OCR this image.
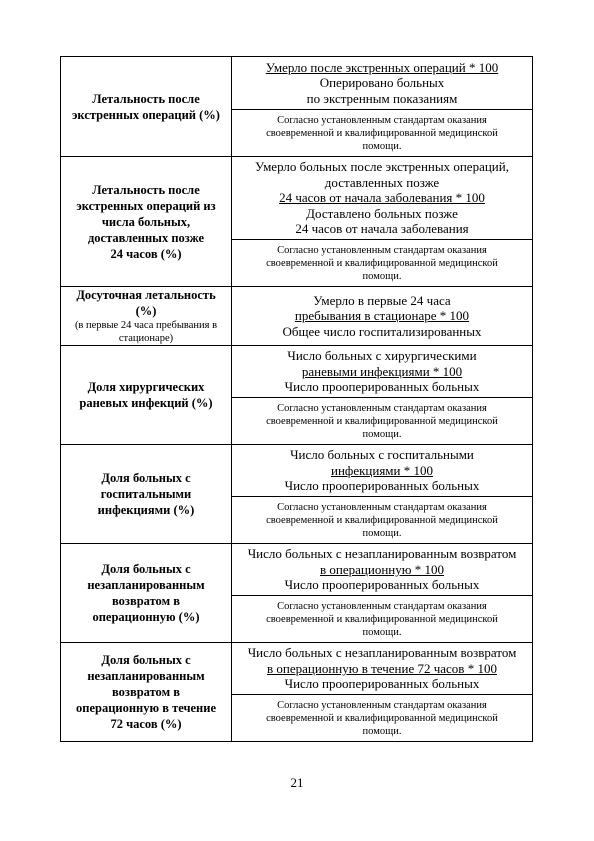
Летальность после
экстренных операций (%)	Умерло после экстренных операций * 100
Оперировано больных
по экстренным показаниям

	Согласно установленным стандартам оказания
своевременной и квалифицированной медицинской
помощи.

Летальность после
экстренных операций из
числа больных,
доставленных позже
24 часов (%)	Умерло больных после экстренных операций,
доставленных позже
24 часов от начала заболевания * 100
Доставлено больных позже
24 часов от начала заболевания

	Согласно установленным стандартам оказания
своевременной и квалифицированной медицинской
помощи.

Досуточная летальность
(%)
(в первые 24 часа пребывания в
стационаре)	Умерло в первые 24 часа
пребывания в стационаре * 100
Общее число госпитализированных

Доля хирургических
раневых инфекций (%)	Число больных с хирургическими
раневыми инфекциями * 100
Число прооперированных больных

	Согласно установленным стандартам оказания
своевременной и квалифицированной медицинской
помощи.

Доля больных с
госпитальными
инфекциями (%)	Число больных с госпитальными
инфекциями * 100
Число прооперированных больных

	Согласно установленным стандартам оказания
своевременной и квалифицированной медицинской
помощи.

Доля больных с
незапланированным
возвратом в
операционную (%)	Число больных с незапланированным возвратом
в операционную * 100
Число прооперированных больных

	Согласно установленным стандартам оказания
своевременной и квалифицированной медицинской
помощи.

Доля больных с
незапланированным
возвратом в
операционную в течение
72 часов (%)	Число больных с незапланированным возвратом
в операционную в течение 72 часов * 100
Число прооперированных больных

	Согласно установленным стандартам оказания
своевременной и квалифицированной медицинской
помощи.
21
